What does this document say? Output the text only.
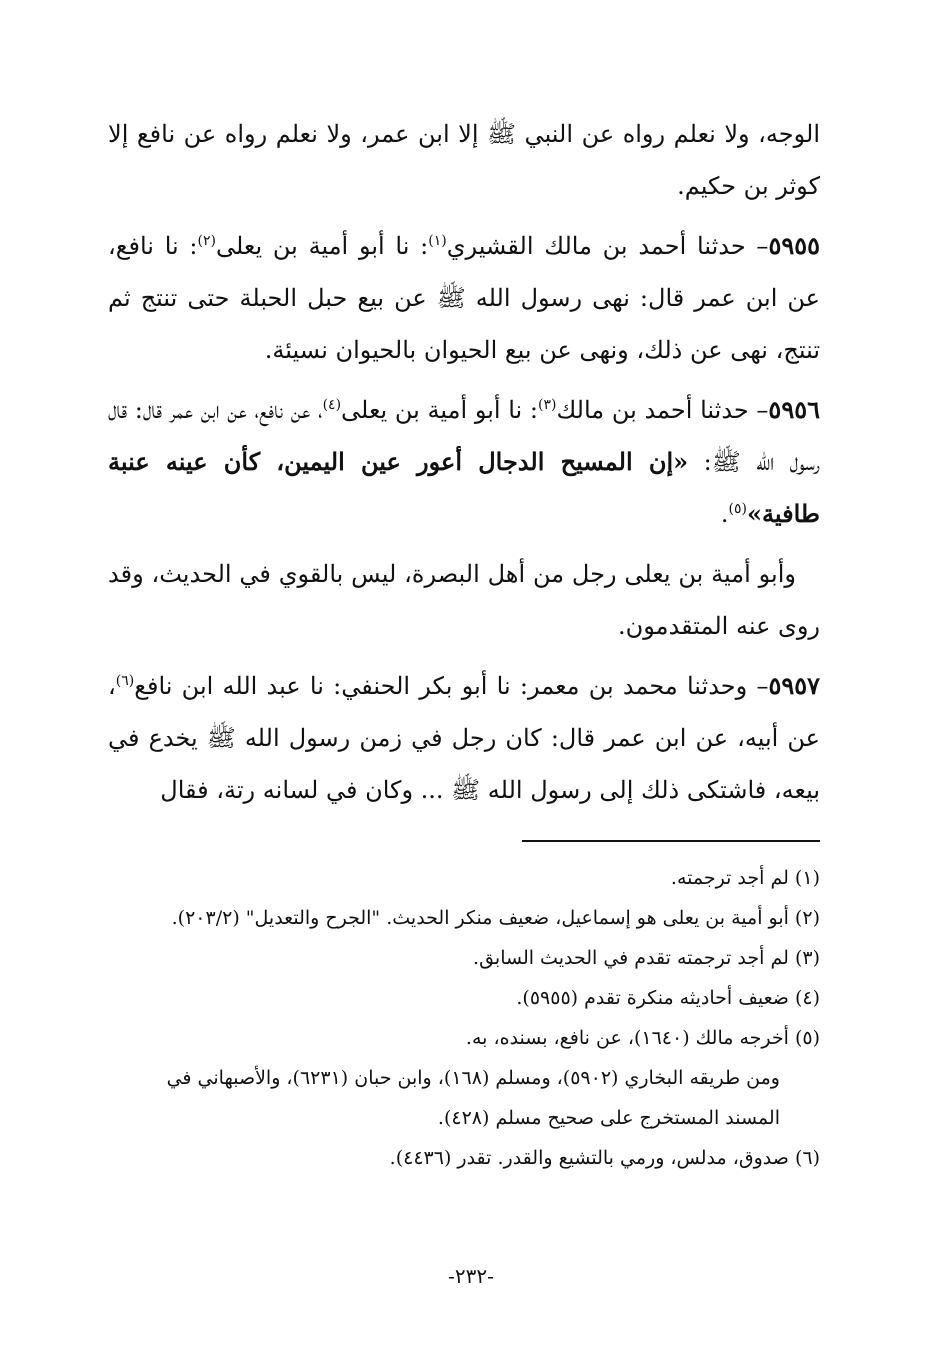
الوجه، ولا نعلم رواه عن النبي ﷺ إلا ابن عمر، ولا نعلم رواه عن نافع إلا كوثر بن حكيم.

٥٩٥٥– حدثنا أحمد بن مالك القشيري$^{(١)}$: نا أبو أمية بن يعلى$^{(٢)}$: نا نافع، عن ابن عمر قال: نهى رسول الله ﷺ عن بيع حبل الحبلة حتى تنتج ثم تنتج، نهى عن ذلك، ونهى عن بيع الحيوان بالحيوان نسيئة.

٥٩٥٦– حدثنا أحمد بن مالك$^{(٣)}$: نا أبو أمية بن يعلى$^{(٤)}$، عن نافع، عن ابن عمر قال: قال رسول الله ﷺ: «إن المسيح الدجال أعور عين اليمين، كأن عينه عنبة طافية»$^{(٥)}$.

وأبو أمية بن يعلى رجل من أهل البصرة، ليس بالقوي في الحديث، وقد روى عنه المتقدمون.

٥٩٥٧– وحدثنا محمد بن معمر: نا أبو بكر الحنفي: نا عبد الله ابن نافع$^{(٦)}$، عن أبيه، عن ابن عمر قال: كان رجل في زمن رسول الله ﷺ يخدع في بيعه، فاشتكى ذلك إلى رسول الله ﷺ ... وكان في لسانه رتة، فقال

(١) لم أجد ترجمته.

(٢) أبو أمية بن يعلى هو إسماعيل، ضعيف منكر الحديث. "الجرح والتعديل" (٢٠٣/٢).

(٣) لم أجد ترجمته تقدم في الحديث السابق.

(٤) ضعيف أحاديثه منكرة تقدم (٥٩٥٥).

(٥) أخرجه مالك (١٦٤٠)، عن نافع، بسنده، به.

ومن طريقه البخاري (٥٩٠٢)، ومسلم (١٦٨)، وابن حبان (٦٢٣١)، والأصبهاني في المسند المستخرج على صحيح مسلم (٤٢٨).

(٦) صدوق، مدلس، ورمي بالتشيع والقدر. تقدر (٤٤٣٦).

-٢٣٢-
